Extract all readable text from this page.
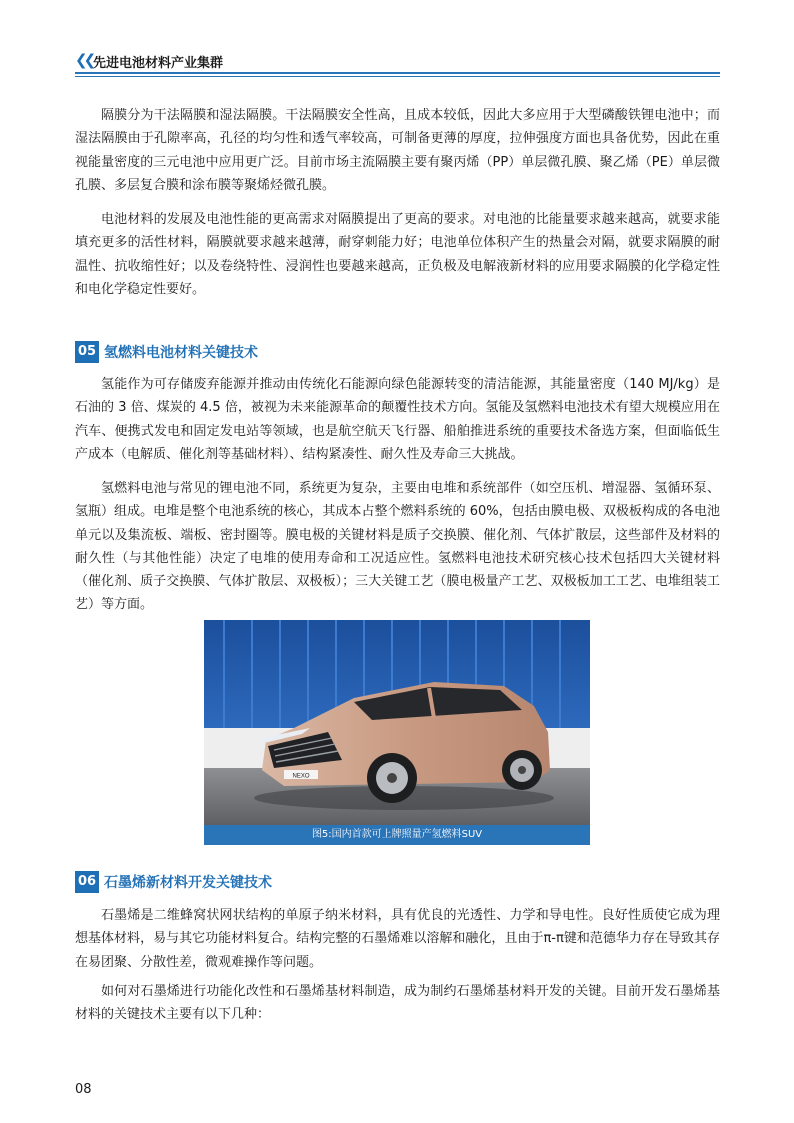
❮❮ 先进电池材料产业集群

隔膜分为干法隔膜和湿法隔膜。干法隔膜安全性高，且成本较低，因此大多应用于大型磷酸铁锂电池中；而湿法隔膜由于孔隙率高，孔径的均匀性和透气率较高，可制备更薄的厚度，拉伸强度方面也具备优势，因此在重视能量密度的三元电池中应用更广泛。目前市场主流隔膜主要有聚丙烯（PP）单层微孔膜、聚乙烯（PE）单层微孔膜、多层复合膜和涂布膜等聚烯烃微孔膜。

电池材料的发展及电池性能的更高需求对隔膜提出了更高的要求。对电池的比能量要求越来越高，就要求能填充更多的活性材料，隔膜就要求越来越薄，耐穿刺能力好；电池单位体积产生的热量会对隔，就要求隔膜的耐温性、抗收缩性好；以及卷绕特性、浸润性也要越来越高，正负极及电解液新材料的应用要求隔膜的化学稳定性和电化学稳定性要好。

05 氢燃料电池材料关键技术

氢能作为可存储废弃能源并推动由传统化石能源向绿色能源转变的清洁能源，其能量密度（140 MJ/kg）是石油的 3 倍、煤炭的 4.5 倍，被视为未来能源革命的颠覆性技术方向。氢能及氢燃料电池技术有望大规模应用在汽车、便携式发电和固定发电站等领域，也是航空航天飞行器、船舶推进系统的重要技术备选方案，但面临低生产成本（电解质、催化剂等基础材料）、结构紧凑性、耐久性及寿命三大挑战。

氢燃料电池与常见的锂电池不同，系统更为复杂，主要由电堆和系统部件（如空压机、增湿器、氢循环泵、氢瓶）组成。电堆是整个电池系统的核心，其成本占整个燃料系统的 60%，包括由膜电极、双极板构成的各电池单元以及集流板、端板、密封圈等。膜电极的关键材料是质子交换膜、催化剂、气体扩散层，这些部件及材料的耐久性（与其他性能）决定了电堆的使用寿命和工况适应性。氢燃料电池技术研究核心技术包括四大关键材料（催化剂、质子交换膜、气体扩散层、双极板）；三大关键工艺（膜电极量产工艺、双极板加工工艺、电堆组装工艺）等方面。

NEXO
图5:国内首款可上牌照量产氢燃料SUV
06 石墨烯新材料开发关键技术

石墨烯是二维蜂窝状网状结构的单原子纳米材料，具有优良的光透性、力学和导电性。良好性质使它成为理想基体材料，易与其它功能材料复合。结构完整的石墨烯难以溶解和融化，且由于π-π键和范德华力存在导致其存在易团聚、分散性差，微观难操作等问题。

如何对石墨烯进行功能化改性和石墨烯基材料制造，成为制约石墨烯基材料开发的关键。目前开发石墨烯基材料的关键技术主要有以下几种：

08
